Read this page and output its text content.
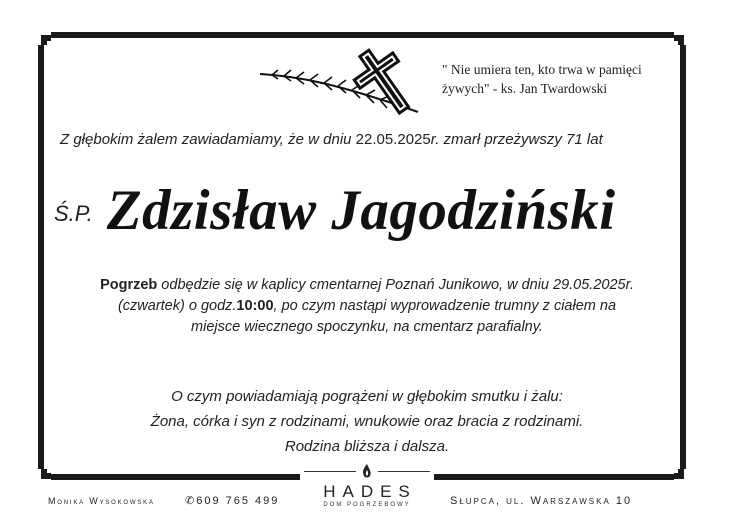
" Nie umiera ten, kto trwa w pamięci
żywych" - ks. Jan Twardowski
Z głębokim żalem zawiadamiamy, że w dniu 22.05.2025r. zmarł przeżywszy 71 lat
Ś.P. Zdzisław Jagodziński
Pogrzeb odbędzie się w kaplicy cmentarnej Poznań Junikowo, w dniu 29.05.2025r.
(czwartek) o godz.10:00, po czym nastąpi wyprowadzenie trumny z ciałem na
miejsce wiecznego spoczynku, na cmentarz parafialny.
O czym powiadamiają pogrążeni w głębokim smutku i żalu:
Żona, córka i syn z rodzinami, wnukowie oraz bracia z rodzinami.
Rodzina bliższa i dalsza.
Monika Wysokowska	✆609 765 499	HADES
DOM POGRZEBOWY	Słupca, ul. Warszawska 10
